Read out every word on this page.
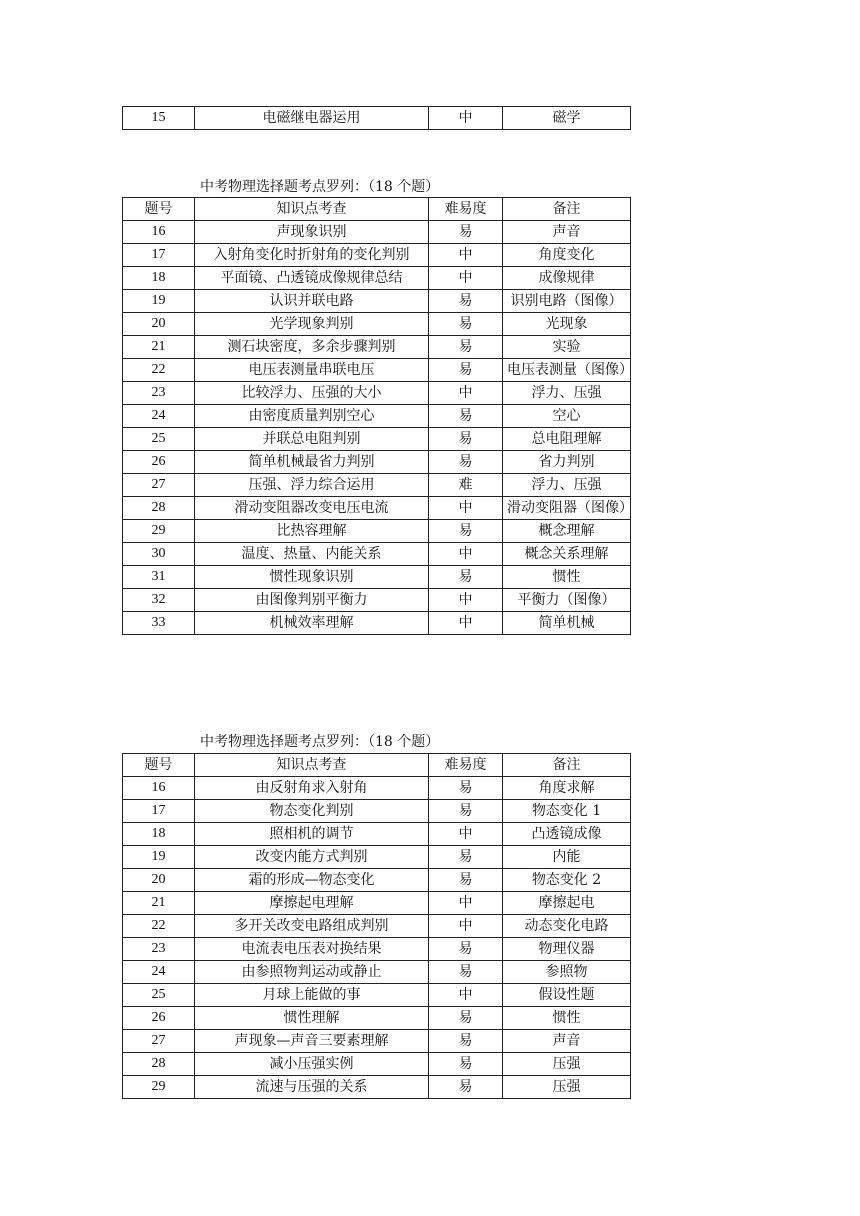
15	电磁继电器运用	中	磁学
中考物理选择题考点罗列：（18 个题）
题号	知识点考查	难易度	备注
16	声现象识别	易	声音
17	入射角变化时折射角的变化判别	中	角度变化
18	平面镜、凸透镜成像规律总结	中	成像规律
19	认识并联电路	易	识别电路（图像）
20	光学现象判别	易	光现象
21	测石块密度，多余步骤判别	易	实验
22	电压表测量串联电压	易	电压表测量（图像）
23	比较浮力、压强的大小	中	浮力、压强
24	由密度质量判别空心	易	空心
25	并联总电阻判别	易	总电阻理解
26	简单机械最省力判别	易	省力判别
27	压强、浮力综合运用	难	浮力、压强
28	滑动变阻器改变电压电流	中	滑动变阻器（图像）
29	比热容理解	易	概念理解
30	温度、热量、内能关系	中	概念关系理解
31	惯性现象识别	易	惯性
32	由图像判别平衡力	中	平衡力（图像）
33	机械效率理解	中	简单机械
中考物理选择题考点罗列：（18 个题）
题号	知识点考查	难易度	备注
16	由反射角求入射角	易	角度求解
17	物态变化判别	易	物态变化 1
18	照相机的调节	中	凸透镜成像
19	改变内能方式判别	易	内能
20	霜的形成—物态变化	易	物态变化 2
21	摩擦起电理解	中	摩擦起电
22	多开关改变电路组成判别	中	动态变化电路
23	电流表电压表对换结果	易	物理仪器
24	由参照物判运动或静止	易	参照物
25	月球上能做的事	中	假设性题
26	惯性理解	易	惯性
27	声现象—声音三要素理解	易	声音
28	减小压强实例	易	压强
29	流速与压强的关系	易	压强
